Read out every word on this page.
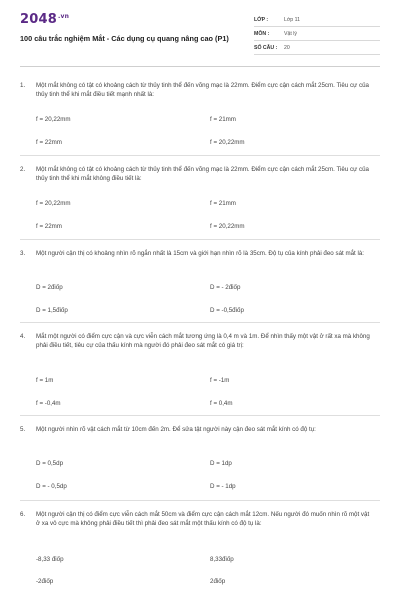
$2048^{.vn}$
100 câu trắc nghiệm Mắt - Các dụng cụ quang nâng cao (P1)
LỚP :	Lớp 11
MÔN :	Vật lý
SỐ CÂU :	20
1.	Một mắt không có tật có khoảng cách từ thủy tinh thể đến võng mạc là 22mm. Điểm cực cận cách mắt 25cm. Tiêu cự của thủy tinh thể khi mắt điều tiết mạnh nhất là:
f = 20,22mm	f = 21mm
f = 22mm	f = 20,22mm
2.	Một mắt không có tật có khoảng cách từ thủy tinh thể đến võng mạc là 22mm. Điểm cực cận cách mắt 25cm. Tiêu cự của thủy tinh thể khi mắt không điều tiết là:
f = 20,22mm	f = 21mm
f = 22mm	f = 20,22mm
3.	Một người cận thị có khoảng nhìn rõ ngắn nhất là 15cm và giới hạn nhìn rõ là 35cm. Độ tụ của kính phải đeo sát mắt là:
D = 2điốp	D = - 2điốp
D = 1,5điốp	D = -0,5điốp
4.	Mắt một người có điểm cực cận và cực viễn cách mắt tương ứng là 0,4 m và 1m. Để nhìn thấy một vật ở rất xa mà không phải điều tiết, tiêu cự của thấu kính mà người đó phải đeo sát mắt có giá trị:
f = 1m	f = -1m
f = -0,4m	f = 0,4m
5.	Một người nhìn rõ vật cách mắt từ 10cm đến 2m. Để sửa tật người này cận đeo sát mắt kính có độ tụ:
D = 0,5dp	D = 1dp
D = - 0,5dp	D = - 1dp
6.	Một người cận thị có điểm cực viễn cách mắt 50cm và điểm cực cận cách mắt 12cm. Nếu người đó muốn nhìn rõ một vật ở xa vô cực mà không phải điều tiết thì phải đeo sát mắt một thấu kính có độ tụ là:
-8,33 điốp	8,33điốp
-2điốp	2điốp
